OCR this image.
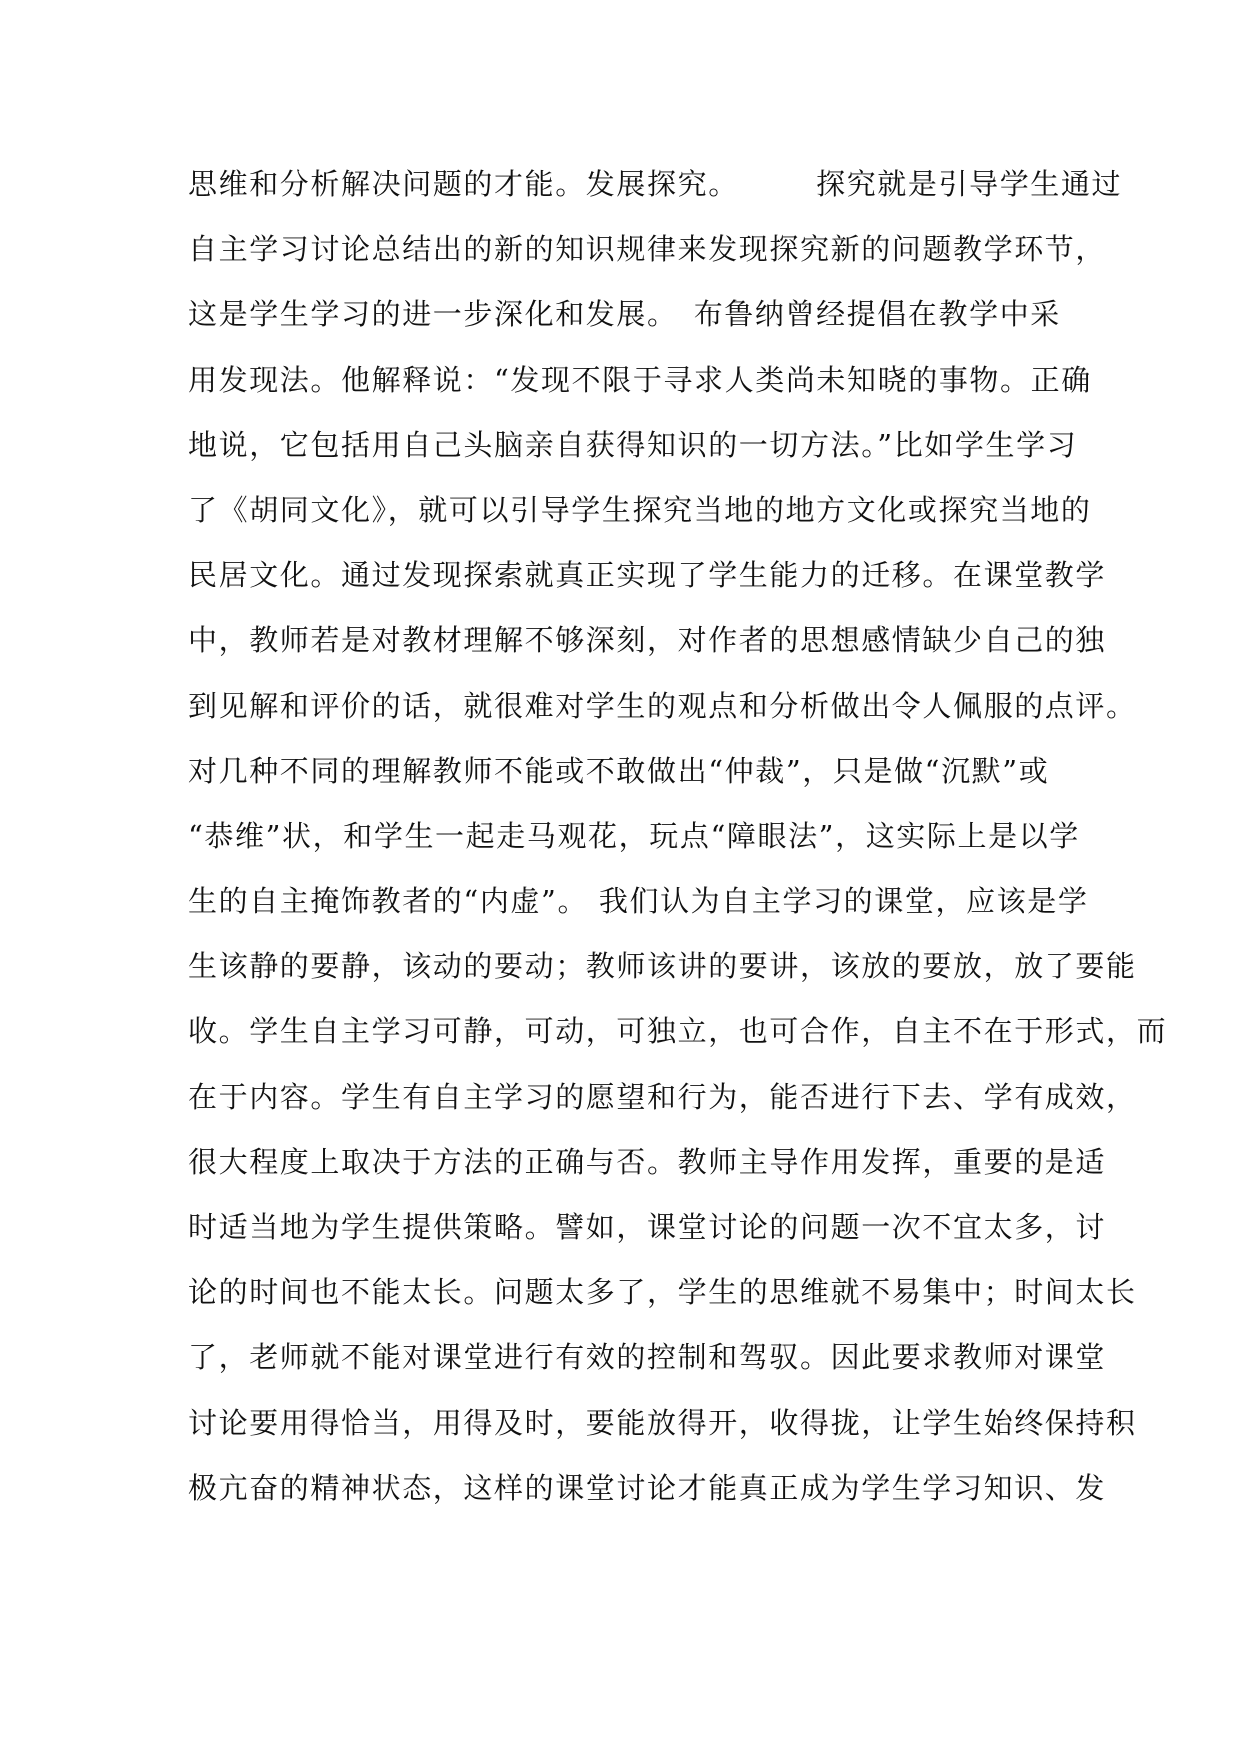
思维和分析解决问题的才能。发展探究。　　　探究就是引导学生通过
自主学习讨论总结出的新的知识规律来发现探究新的问题教学环节，
这是学生学习的进一步深化和发展。　布鲁纳曾经提倡在教学中采
用发现法。他解释说：“发现不限于寻求人类尚未知晓的事物。正确
地说，它包括用自己头脑亲自获得知识的一切方法。”比如学生学习
了《胡同文化》，就可以引导学生探究当地的地方文化或探究当地的
民居文化。通过发现探索就真正实现了学生能力的迁移。在课堂教学
中，教师若是对教材理解不够深刻，对作者的思想感情缺少自己的独
到见解和评价的话，就很难对学生的观点和分析做出令人佩服的点评。
对几种不同的理解教师不能或不敢做出“仲裁”，只是做“沉默”或
“恭维”状，和学生一起走马观花，玩点“障眼法”，这实际上是以学
生的自主掩饰教者的“内虚”。 我们认为自主学习的课堂，应该是学
生该静的要静，该动的要动；教师该讲的要讲，该放的要放，放了要能
收。学生自主学习可静，可动，可独立，也可合作，自主不在于形式，而
在于内容。学生有自主学习的愿望和行为，能否进行下去、学有成效，
很大程度上取决于方法的正确与否。教师主导作用发挥，重要的是适
时适当地为学生提供策略。譬如，课堂讨论的问题一次不宜太多，讨
论的时间也不能太长。问题太多了，学生的思维就不易集中；时间太长
了，老师就不能对课堂进行有效的控制和驾驭。因此要求教师对课堂
讨论要用得恰当，用得及时，要能放得开，收得拢，让学生始终保持积
极亢奋的精神状态，这样的课堂讨论才能真正成为学生学习知识、发
